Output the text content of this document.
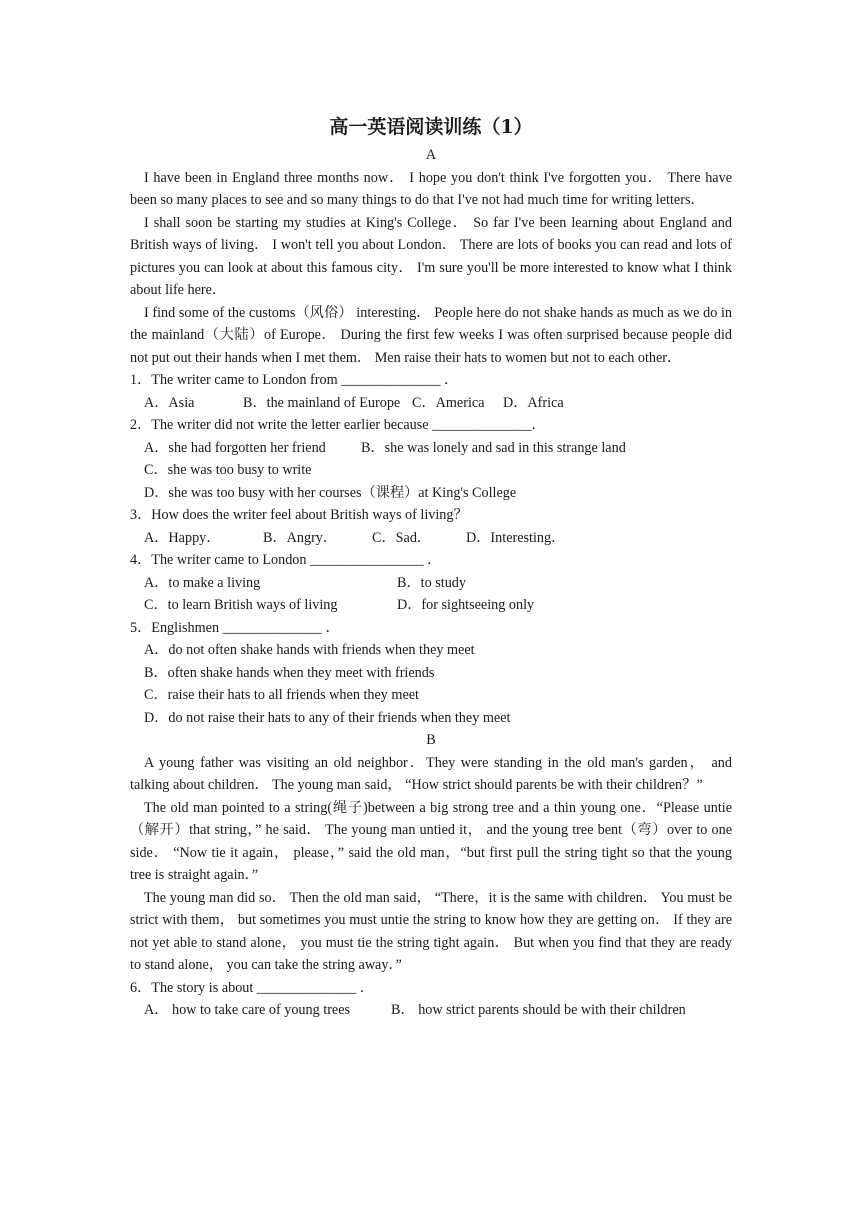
高一英语阅读训练（1）
A

I have been in England three months now． I hope you don't think I've forgotten you． There have been so many places to see and so many things to do that I've not had much time for writing letters．

I shall soon be starting my studies at King's College． So far I've been learning about England and British ways of living． I won't tell you about London． There are lots of books you can read and lots of pictures you can look at about this famous city． I'm sure you'll be more interested to know what I think about life here．

I find some of the customs（风俗） interesting． People here do not shake hands as much as we do in the mainland（大陆）of Europe． During the first few weeks I was often surprised because people did not put out their hands when I met them． Men raise their hats to women but not to each other．

1．The writer came to London from ______________ ．
A．Asia	B．the mainland of Europe C．America	D．Africa
2．The writer did not write the letter earlier because ______________．
A．she had forgotten her friend	B．she was lonely and sad in this strange land
C．she was too busy to write
D．she was too busy with her courses（课程）at King's College
3．How does the writer feel about British ways of living？
A．Happy．	B．Angry．	C．Sad．	D．Interesting．
4．The writer came to London ________________ ．
A．to make a living	B．to study
C．to learn British ways of living	D．for sightseeing only
5．Englishmen ______________ ．
A．do not often shake hands with friends when they meet
B．often shake hands when they meet with friends
C．raise their hats to all friends when they meet
D．do not raise their hats to any of their friends when they meet
B

A young father was visiting an old neighbor．They were standing in the old man's garden， and talking about children． The young man said， “How strict should parents be with their children？”

The old man pointed to a string(绳子)between a big strong tree and a thin young one．“Please untie（解开）that string，” he said． The young man untied it， and the young tree bent（弯）over to one side． “Now tie it again， please，” said the old man，“but first pull the string tight so that the young tree is straight again．”

The young man did so． Then the old man said， “There，it is the same with children． You must be strict with them， but sometimes you must untie the string to know how they are getting on． If they are not yet able to stand alone， you must tie the string tight again． But when you find that they are ready to stand alone， you can take the string away．”

6．The story is about ______________ ．
A． how to take care of young trees	B． how strict parents should be with their children
